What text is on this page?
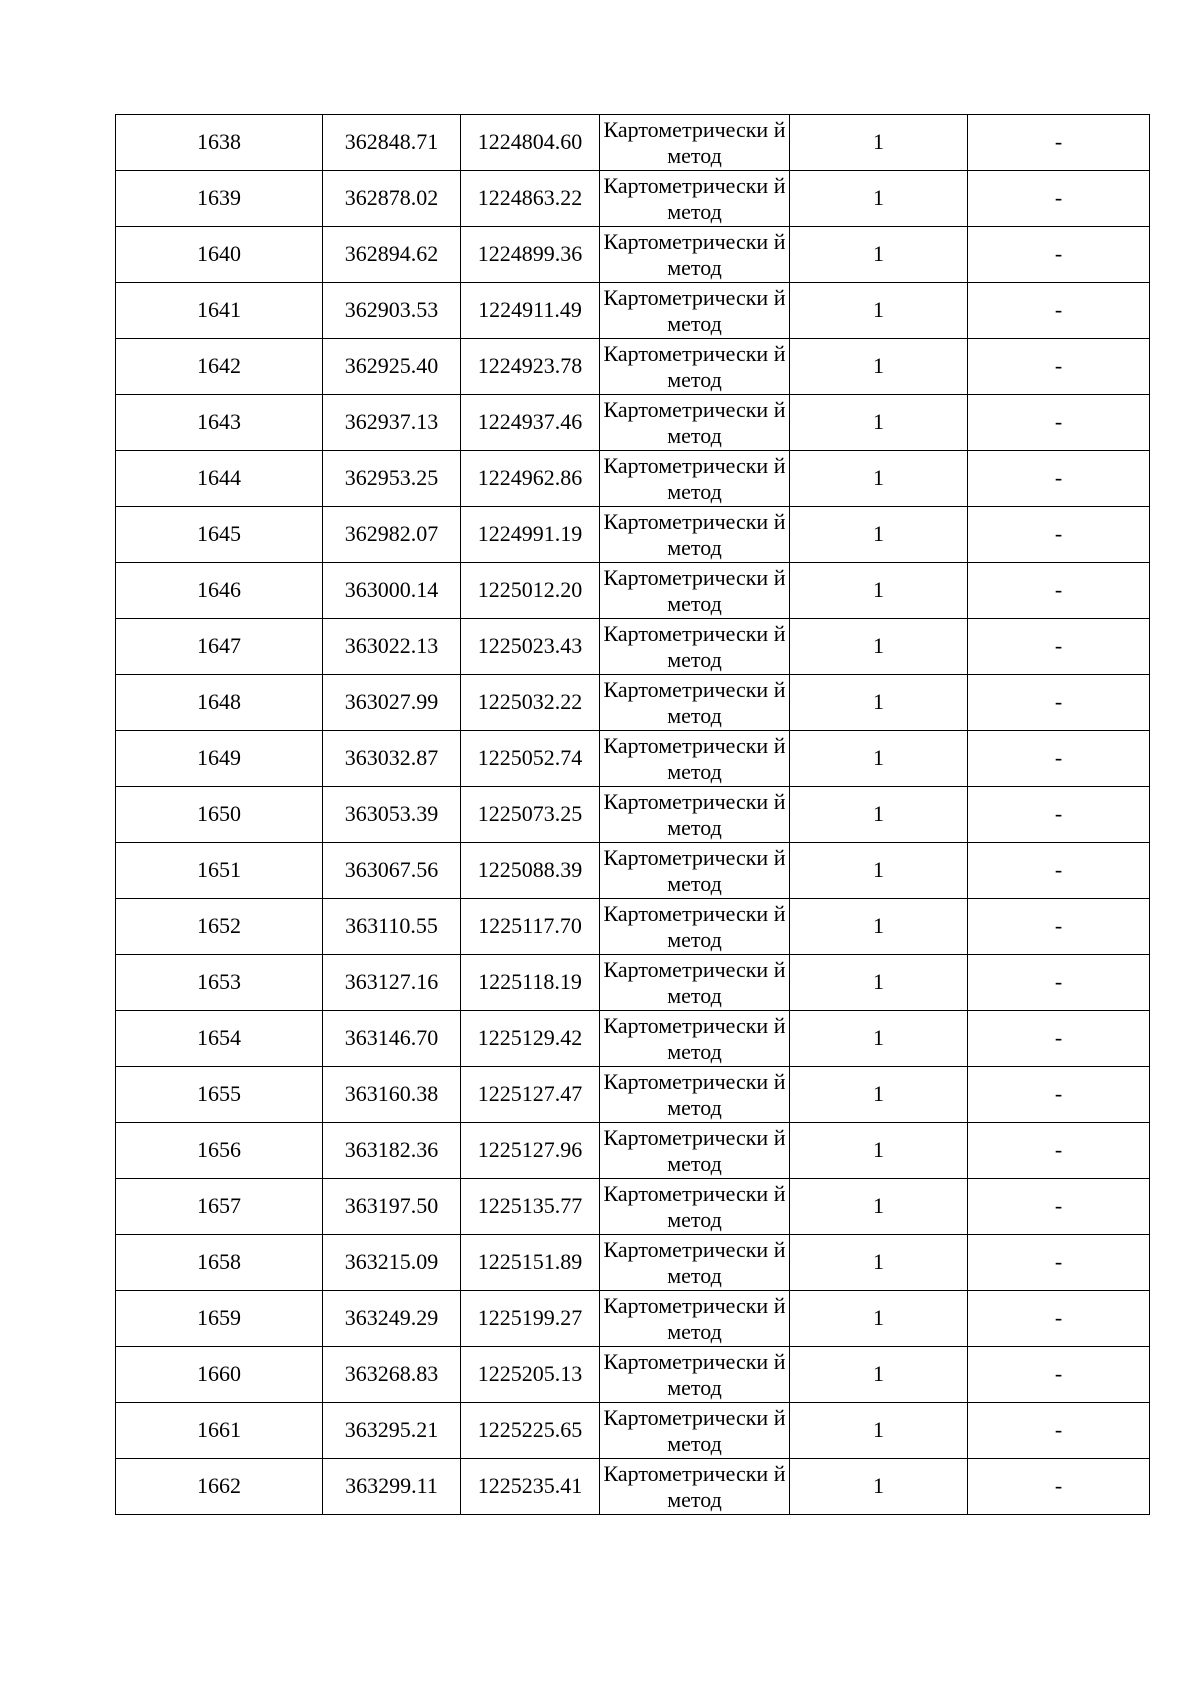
1638	362848.71	1224804.60	Картометрически й метод	1	-
1639	362878.02	1224863.22	Картометрически й метод	1	-
1640	362894.62	1224899.36	Картометрически й метод	1	-
1641	362903.53	1224911.49	Картометрически й метод	1	-
1642	362925.40	1224923.78	Картометрически й метод	1	-
1643	362937.13	1224937.46	Картометрически й метод	1	-
1644	362953.25	1224962.86	Картометрически й метод	1	-
1645	362982.07	1224991.19	Картометрически й метод	1	-
1646	363000.14	1225012.20	Картометрически й метод	1	-
1647	363022.13	1225023.43	Картометрически й метод	1	-
1648	363027.99	1225032.22	Картометрически й метод	1	-
1649	363032.87	1225052.74	Картометрически й метод	1	-
1650	363053.39	1225073.25	Картометрически й метод	1	-
1651	363067.56	1225088.39	Картометрически й метод	1	-
1652	363110.55	1225117.70	Картометрически й метод	1	-
1653	363127.16	1225118.19	Картометрически й метод	1	-
1654	363146.70	1225129.42	Картометрически й метод	1	-
1655	363160.38	1225127.47	Картометрически й метод	1	-
1656	363182.36	1225127.96	Картометрически й метод	1	-
1657	363197.50	1225135.77	Картометрически й метод	1	-
1658	363215.09	1225151.89	Картометрически й метод	1	-
1659	363249.29	1225199.27	Картометрически й метод	1	-
1660	363268.83	1225205.13	Картометрически й метод	1	-
1661	363295.21	1225225.65	Картометрически й метод	1	-
1662	363299.11	1225235.41	Картометрически й метод	1	-
